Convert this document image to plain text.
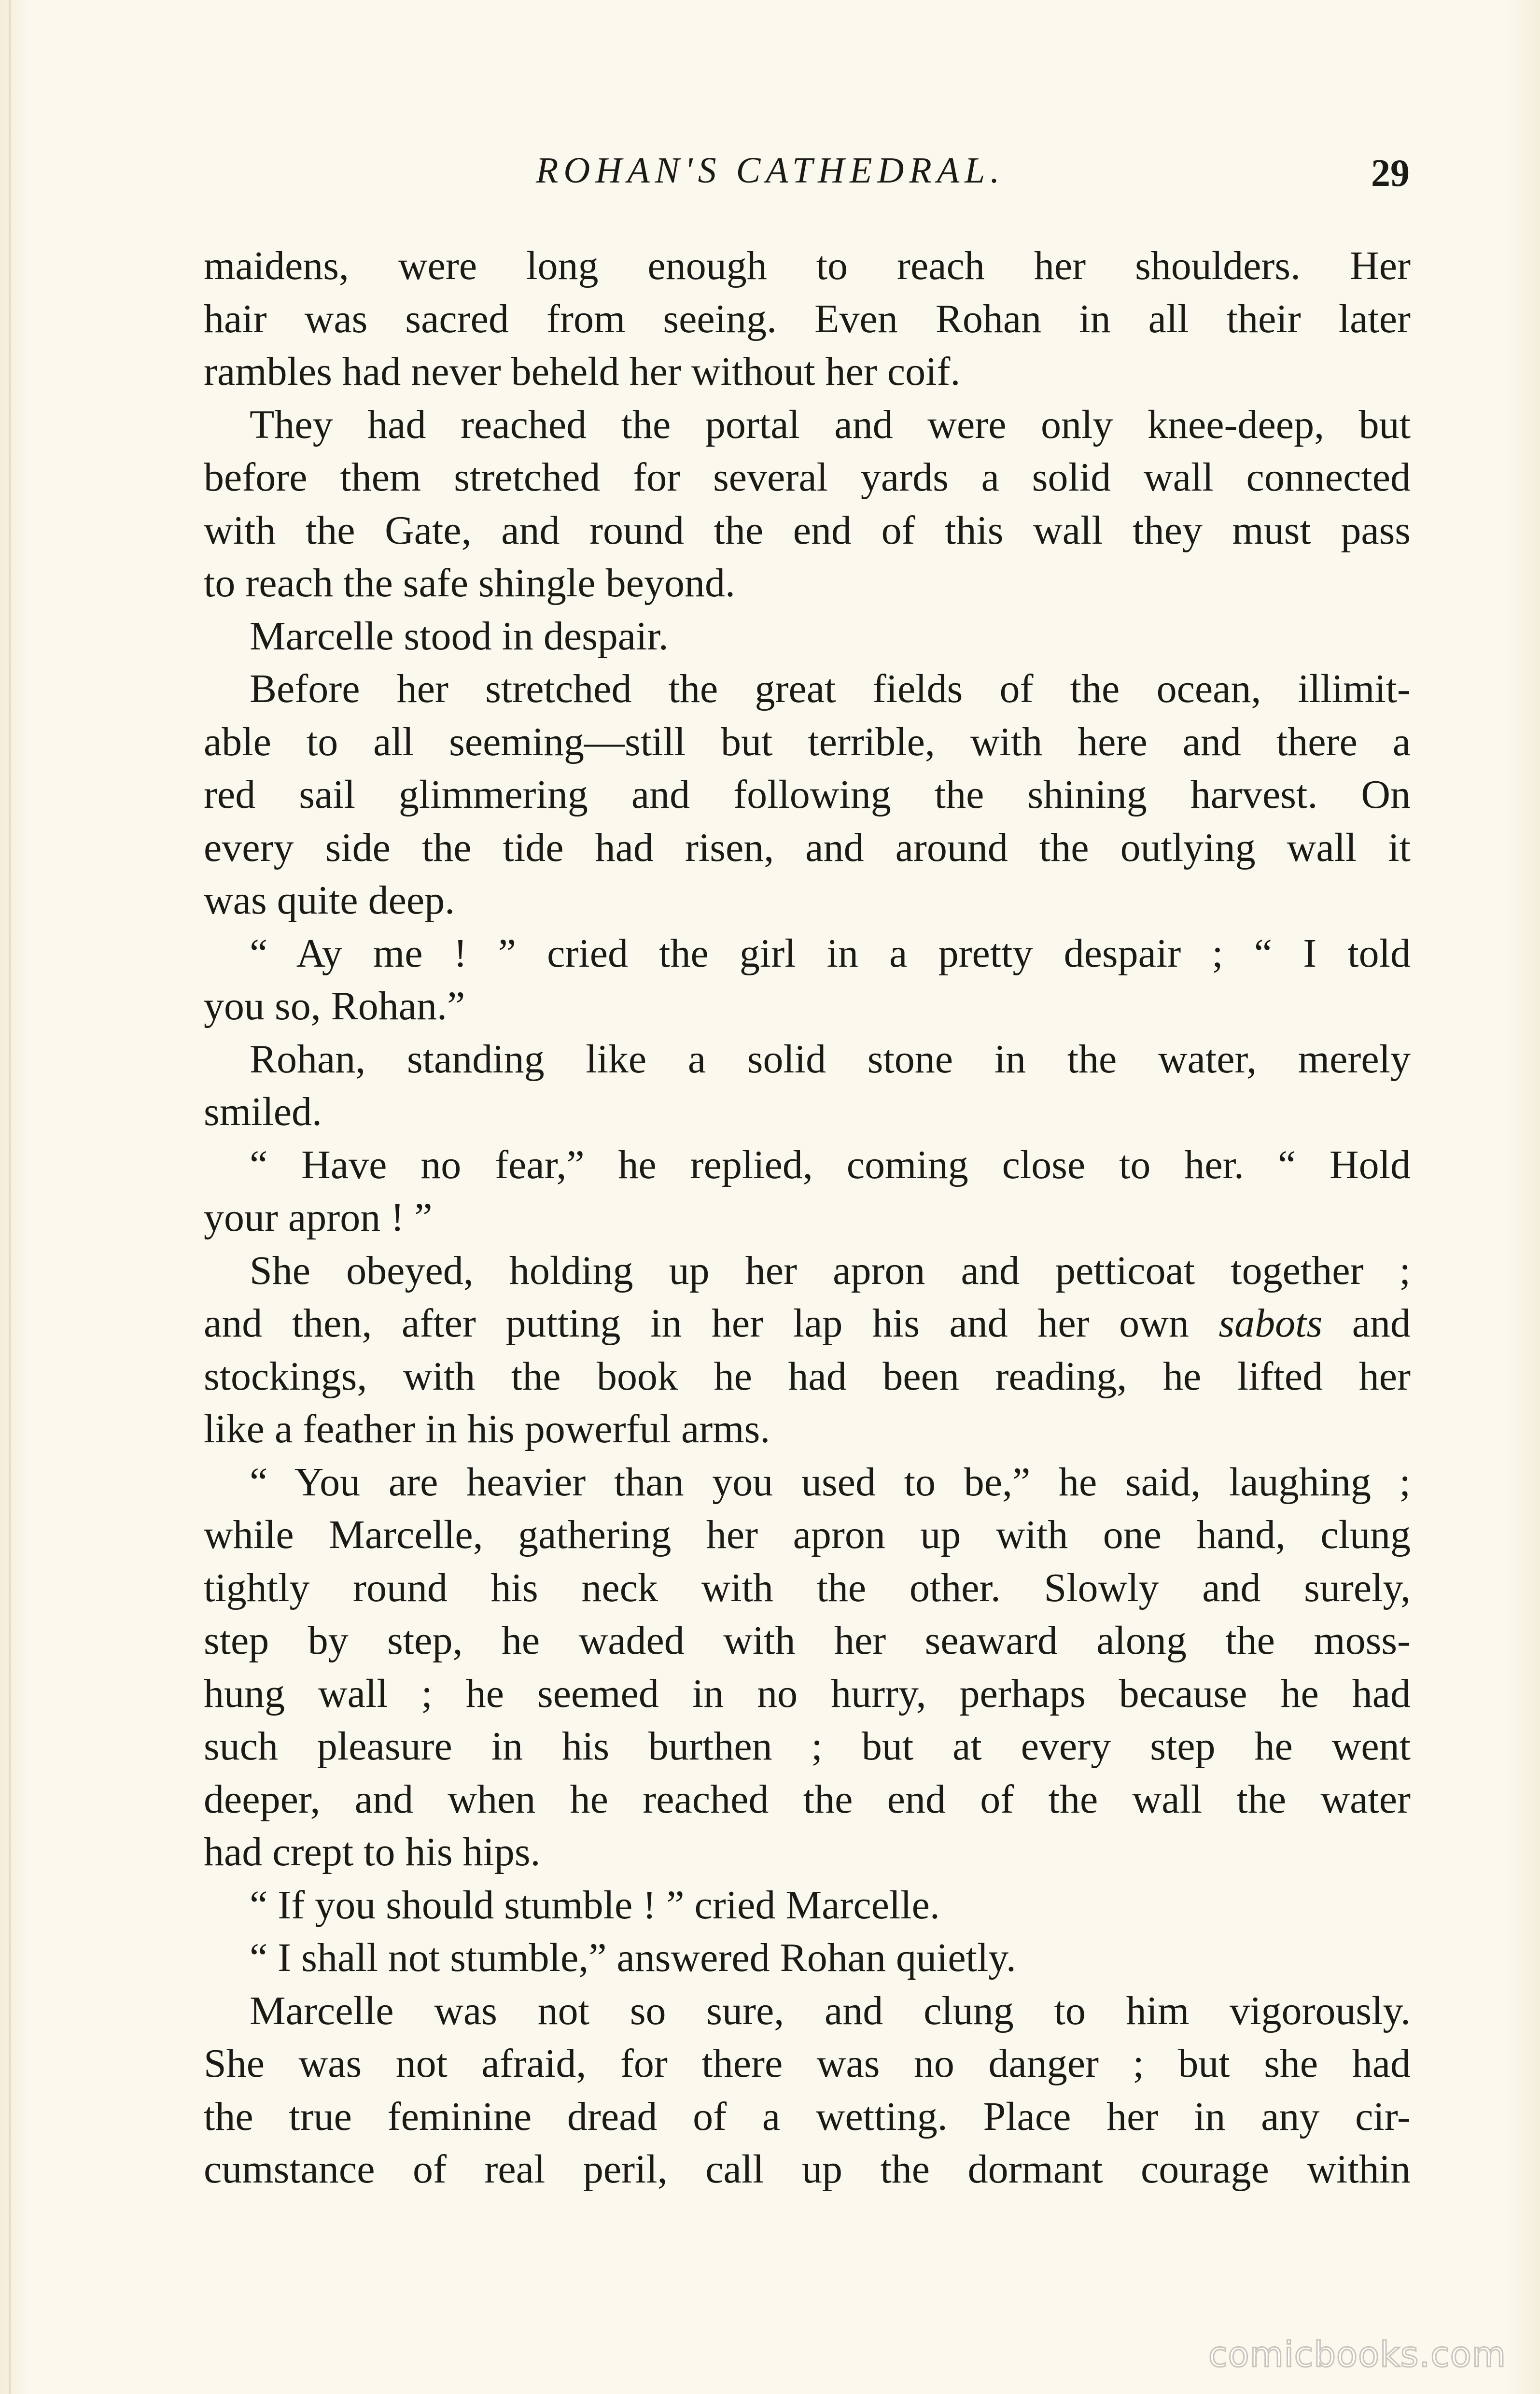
ROHAN'S CATHEDRAL.	29
maidens, were long enough to reach her shoulders. Her
hair was sacred from seeing. Even Rohan in all their later
rambles had never beheld her without her coif.
They had reached the portal and were only knee-deep, but
before them stretched for several yards a solid wall connected
with the Gate, and round the end of this wall they must pass
to reach the safe shingle beyond.
Marcelle stood in despair.
Before her stretched the great fields of the ocean, illimit-
able to all seeming—still but terrible, with here and there a
red sail glimmering and following the shining harvest. On
every side the tide had risen, and around the outlying wall it
was quite deep.
“ Ay me ! ” cried the girl in a pretty despair ; “ I told
you so, Rohan.”
Rohan, standing like a solid stone in the water, merely
smiled.
“ Have no fear,” he replied, coming close to her. “ Hold
your apron ! ”
She obeyed, holding up her apron and petticoat together ;
and then, after putting in her lap his and her own sabots and
stockings, with the book he had been reading, he lifted her
like a feather in his powerful arms.
“ You are heavier than you used to be,” he said, laughing ;
while Marcelle, gathering her apron up with one hand, clung
tightly round his neck with the other. Slowly and surely,
step by step, he waded with her seaward along the moss-
hung wall ; he seemed in no hurry, perhaps because he had
such pleasure in his burthen ; but at every step he went
deeper, and when he reached the end of the wall the water
had crept to his hips.
“ If you should stumble ! ” cried Marcelle.
“ I shall not stumble,” answered Rohan quietly.
Marcelle was not so sure, and clung to him vigorously.
She was not afraid, for there was no danger ; but she had
the true feminine dread of a wetting. Place her in any cir-
cumstance of real peril, call up the dormant courage within
comicbooks.com
